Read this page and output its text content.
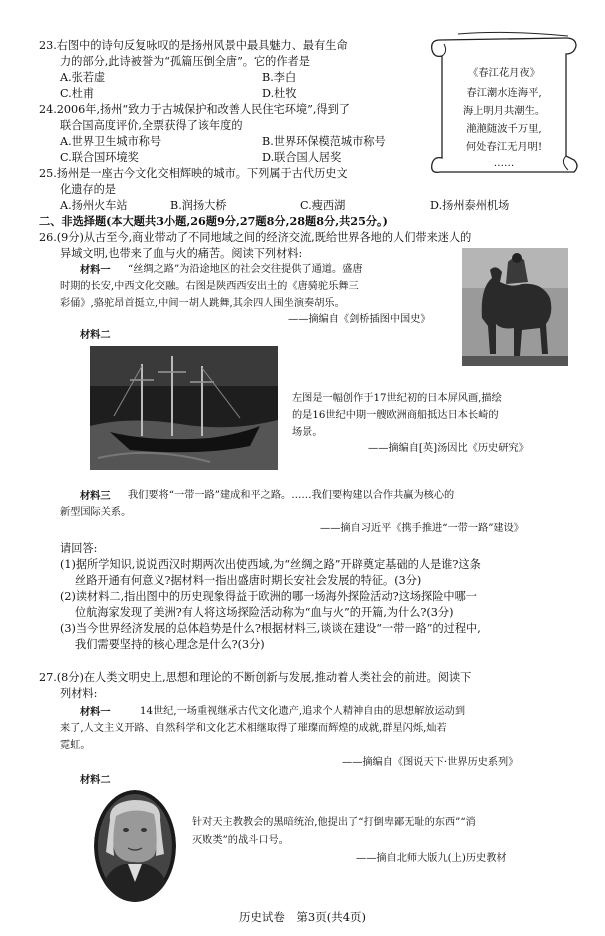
23.右图中的诗句反复咏叹的是扬州风景中最具魅力、最有生命
力的部分,此诗被誉为“孤篇压倒全唐”。它的作者是
A.张若虚	B.李白
C.杜甫	D.杜牧
《春江花月夜》
春江潮水连海平,
海上明月共潮生。
滟滟随波千万里,
何处春江无月明!
……
24.2006年,扬州“致力于古城保护和改善人民住宅环境”,得到了
联合国高度评价,全票获得了该年度的
A.世界卫生城市称号	B.世界环保模范城市称号
C.联合国环境奖	D.联合国人居奖
25.扬州是一座古今文化交相辉映的城市。下列属于古代历史文
化遗存的是
A.扬州火车站	B.润扬大桥	C.瘦西湖	D.扬州泰州机场
二、非选择题(本大题共3小题,26题9分,27题8分,28题8分,共25分。)
26.(9分)从古至今,商业带动了不同地域之间的经济交流,既给世界各地的人们带来迷人的
异域文明,也带来了血与火的痛苦。阅读下列材料:
材料一 “丝绸之路”为沿途地区的社会交往提供了通道。盛唐
时期的长安,中西文化交融。右图是陕西西安出土的《唐骑驼乐舞三
彩俑》,骆驼昂首挺立,中间一胡人跳舞,其余四人围坐演奏胡乐。
——摘编自《剑桥插图中国史》
材料二
左图是一幅创作于17世纪初的日本屏风画,描绘
的是16世纪中期一艘欧洲商船抵达日本长崎的
场景。
——摘编自[英]汤因比《历史研究》
材料三 我们要将“一带一路”建成和平之路。……我们要构建以合作共赢为核心的
新型国际关系。
——摘自习近平《携手推进“一带一路”建设》
请回答:
(1)据所学知识,说说西汉时期两次出使西域,为“丝绸之路”开辟奠定基础的人是谁?这条
丝路开通有何意义?据材料一指出盛唐时期长安社会发展的特征。(3分)
(2)读材料二,指出图中的历史现象得益于欧洲的哪一场海外探险活动?这场探险中哪一
位航海家发现了美洲?有人将这场探险活动称为“血与火”的开篇,为什么?(3分)
(3)当今世界经济发展的总体趋势是什么?根据材料三,谈谈在建设“一带一路”的过程中,
我们需要坚持的核心理念是什么?(3分)
27.(8分)在人类文明史上,思想和理论的不断创新与发展,推动着人类社会的前进。阅读下
列材料:
材料一	14世纪,一场重视继承古代文化遗产,追求个人精神自由的思想解放运动到
来了,人文主义开路、自然科学和文化艺术相继取得了璀璨而辉煌的成就,群星闪烁,灿若
霓虹。
——摘编自《图说天下·世界历史系列》
材料二
针对天主教教会的黑暗统治,他提出了“打倒卑鄙无耻的东西”“消
灭败类”的战斗口号。
——摘自北师大版九(上)历史教材
历史试卷　第3页(共4页)
